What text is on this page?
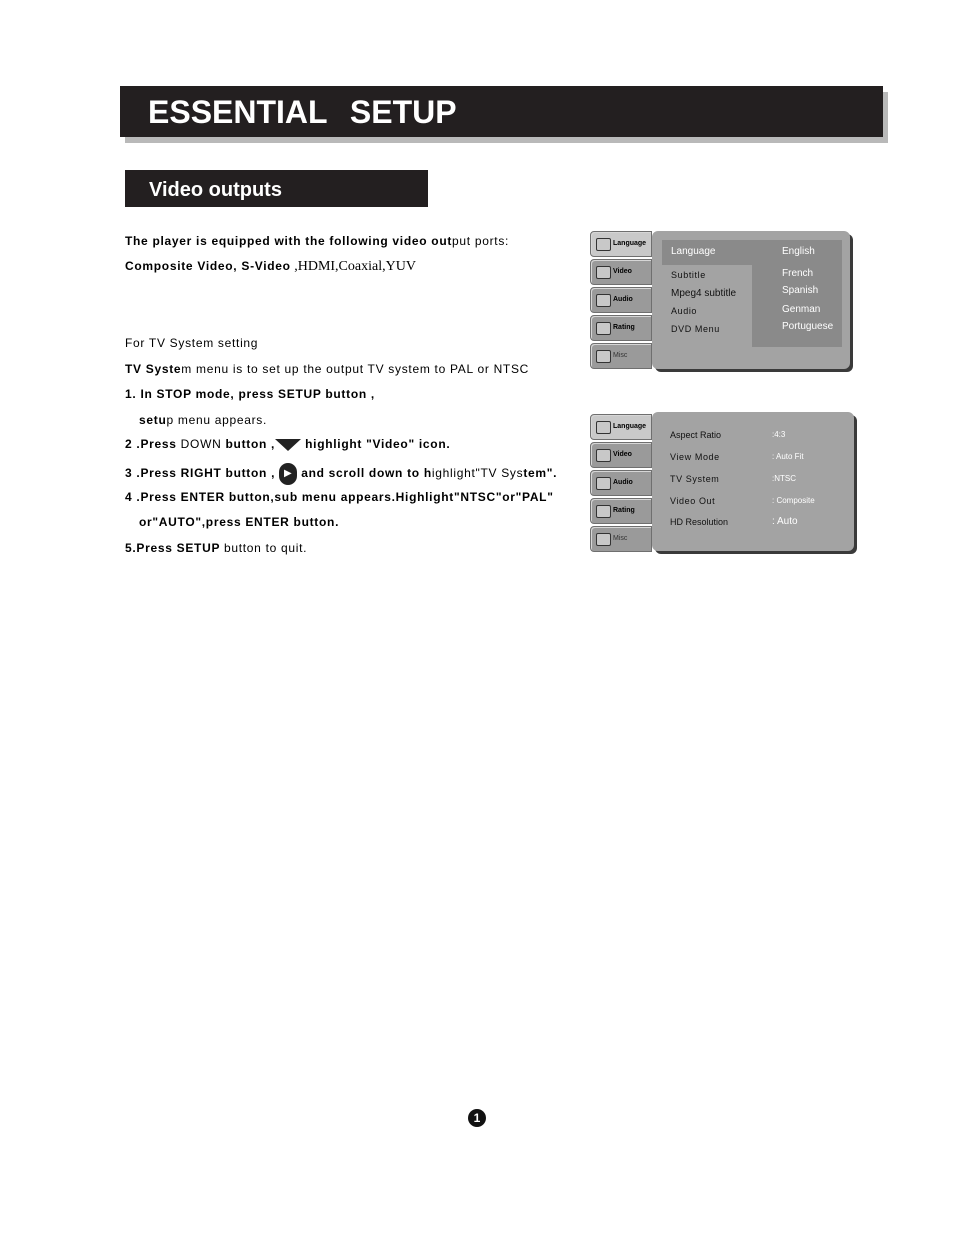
ESSENTIAL SETUP
Video outputs
The player is equipped with the following video output ports:
Composite Video, S-Video ,HDMI,Coaxial,YUV
For TV System setting
TV System menu is to set up the output TV system to PAL or NTSC
1. In STOP mode, press SETUP button ,
setup menu appears.
2 .Press DOWN button , highlight "Video" icon.
3 .Press RIGHT button , ▶ and scroll down to highlight"TV System".
4 .Press ENTER button,sub menu appears.Highlight"NTSC"or"PAL"
or"AUTO",press ENTER button.
5.Press SETUP button to quit.
Language
Video
Audio
Rating
Misc
Language
Subtitle
Mpeg4 subtitle
Audio
DVD Menu
English
French
Spanish
Genman
Portuguese
Language
Video
Audio
Rating
Misc
Aspect Ratio
View Mode
TV System
Video Out
HD Resolution
:4:3
: Auto Fit
:NTSC
: Composite
: Auto
1
